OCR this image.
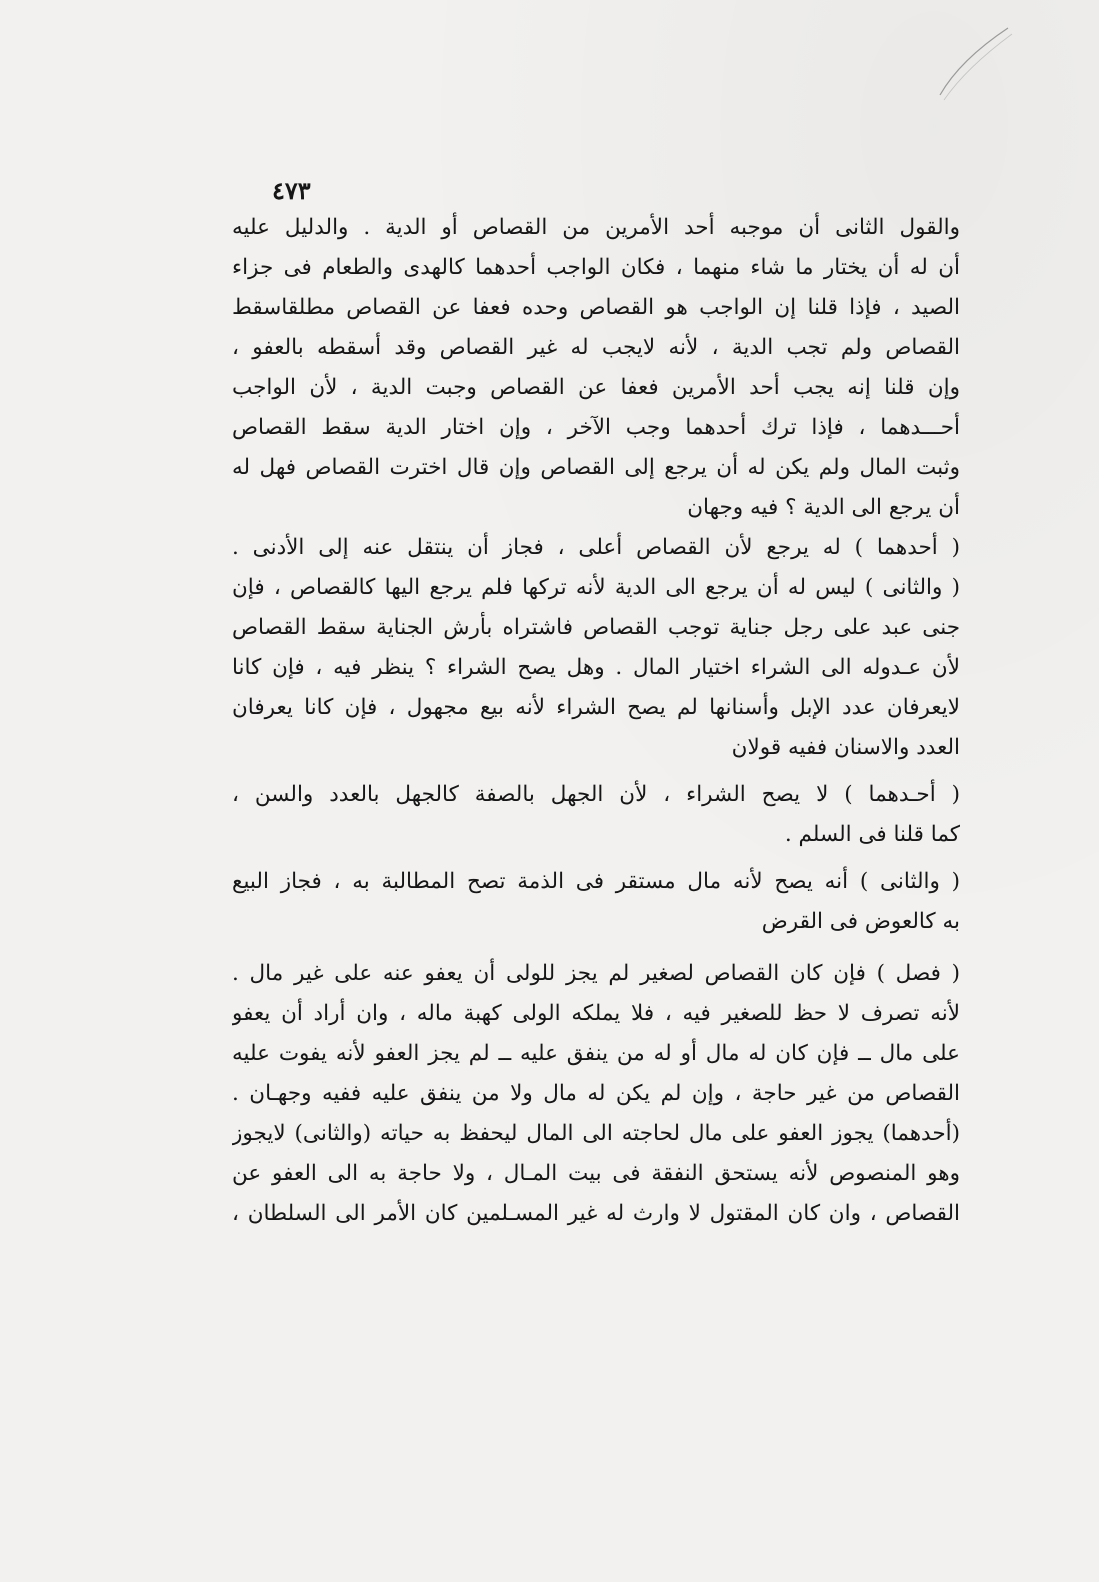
٤٧٣
والقول الثانى أن موجبه أحد الأمرين من القصاص أو الدية . والدليل عليه
أن له أن يختار ما شاء منهما ، فكان الواجب أحدهما كالهدى والطعام فى جزاء
الصيد ، فإذا قلنا إن الواجب هو القصاص وحده فعفا عن القصاص مطلقاسقط
القصاص ولم تجب الدية ، لأنه لايجب له غير القصاص وقد أسقطه بالعفو ،
وإن قلنا إنه يجب أحد الأمرين فعفا عن القصاص وجبت الدية ، لأن الواجب
أحـــدهما ، فإذا ترك أحدهما وجب الآخر ، وإن اختار الدية سقط القصاص
وثبت المال ولم يكن له أن يرجع إلى القصاص وإن قال اخترت القصاص فهل له
أن يرجع الى الدية ؟ فيه وجهان
( أحدهما ) له يرجع لأن القصاص أعلى ، فجاز أن ينتقل عنه إلى الأدنى .
( والثانى ) ليس له أن يرجع الى الدية لأنه تركها فلم يرجع اليها كالقصاص ، فإن
جنى عبد على رجل جناية توجب القصاص فاشتراه بأرش الجناية سقط القصاص
لأن عـدوله الى الشراء اختيار المال . وهل يصح الشراء ؟ ينظر فيه ، فإن كانا
لايعرفان عدد الإبل وأسنانها لم يصح الشراء لأنه بيع مجهول ، فإن كانا يعرفان
العدد والاسنان ففيه قولان
( أحـدهما ) لا يصح الشراء ، لأن الجهل بالصفة كالجهل بالعدد والسن ،
كما قلنا فى السلم .
( والثانى ) أنه يصح لأنه مال مستقر فى الذمة تصح المطالبة به ، فجاز البيع
به كالعوض فى القرض
( فصل ) فإن كان القصاص لصغير لم يجز للولى أن يعفو عنه على غير مال .
لأنه تصرف لا حظ للصغير فيه ، فلا يملكه الولى كهبة ماله ، وان أراد أن يعفو
على مال ــ فإن كان له مال أو له من ينفق عليه ــ لم يجز العفو لأنه يفوت عليه
القصاص من غير حاجة ، وإن لم يكن له مال ولا من ينفق عليه ففيه وجهـان .
(أحدهما) يجوز العفو على مال لحاجته الى المال ليحفظ به حياته (والثانى) لايجوز
وهو المنصوص لأنه يستحق النفقة فى بيت المـال ، ولا حاجة به الى العفو عن
القصاص ، وان كان المقتول لا وارث له غير المسـلمين كان الأمر الى السلطان ،
